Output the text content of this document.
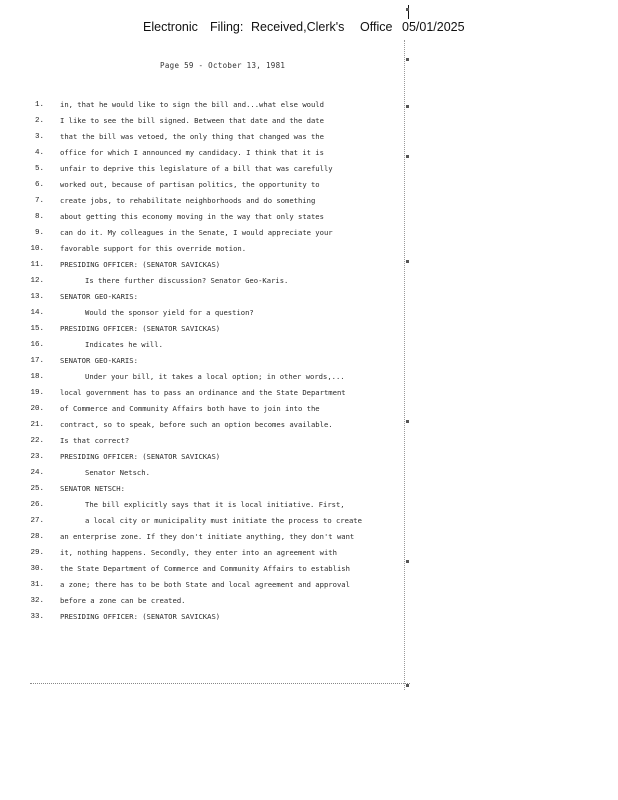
Electronic Filing: Received,Clerk's Office 05/01/2025
Page 59 - October 13, 1981
1.
2.
3.
4.
5.
6.
7.
8.
9.
10.
11.
12.
13.
14.
15.
16.
17.
18.
19.
20.
21.
22.
23.
24.
25.
26.
27.
28.
29.
30.
31.
32.
33.
in, that he would like to sign the bill and...what else would
I like to see the bill signed. Between that date and the date
that the bill was vetoed, the only thing that changed was the
office for which I announced my candidacy. I think that it is
unfair to deprive this legislature of a bill that was carefully
worked out, because of partisan politics, the opportunity to
create jobs, to rehabilitate neighborhoods and do something
about getting this economy moving in the way that only states
can do it. My colleagues in the Senate, I would appreciate your
favorable support for this override motion.
PRESIDING OFFICER: (SENATOR SAVICKAS)
Is there further discussion? Senator Geo-Karis.
SENATOR GEO-KARIS:
Would the sponsor yield for a question?
PRESIDING OFFICER: (SENATOR SAVICKAS)
Indicates he will.
SENATOR GEO-KARIS:
Under your bill, it takes a local option; in other words,...
local government has to pass an ordinance and the State Department
of Commerce and Community Affairs both have to join into the
contract, so to speak, before such an option becomes available.
Is that correct?
PRESIDING OFFICER: (SENATOR SAVICKAS)
Senator Netsch.
SENATOR NETSCH:
The bill explicitly says that it is local initiative. First,
a local city or municipality must initiate the process to create
an enterprise zone. If they don't initiate anything, they don't want
it, nothing happens. Secondly, they enter into an agreement with
the State Department of Commerce and Community Affairs to establish
a zone; there has to be both State and local agreement and approval
before a zone can be created.
PRESIDING OFFICER: (SENATOR SAVICKAS)
